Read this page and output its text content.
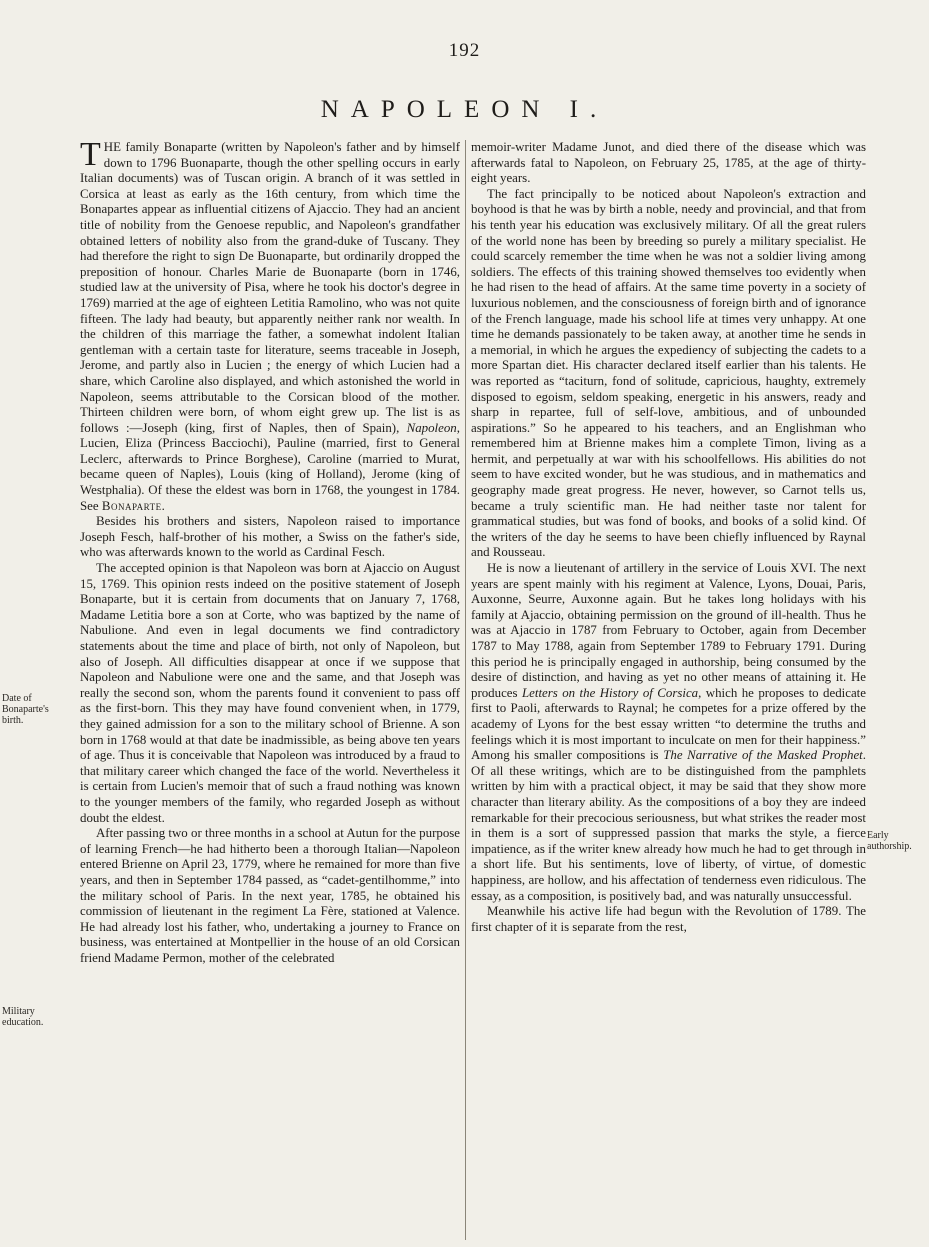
192
NAPOLEON I.

THE family Bonaparte (written by Napoleon's father and by himself down to 1796 Buonaparte, though the other spelling occurs in early Italian documents) was of Tuscan origin. A branch of it was settled in Corsica at least as early as the 16th century, from which time the Bonapartes appear as influential citizens of Ajaccio. They had an ancient title of nobility from the Genoese republic, and Napoleon's grandfather obtained letters of nobility also from the grand-duke of Tuscany. They had therefore the right to sign De Buonaparte, but ordinarily dropped the preposition of honour. Charles Marie de Buonaparte (born in 1746, studied law at the university of Pisa, where he took his doctor's degree in 1769) married at the age of eighteen Letitia Ramolino, who was not quite fifteen. The lady had beauty, but apparently neither rank nor wealth. In the children of this marriage the father, a somewhat indolent Italian gentleman with a certain taste for literature, seems traceable in Joseph, Jerome, and partly also in Lucien ; the energy of which Lucien had a share, which Caroline also displayed, and which astonished the world in Napoleon, seems attributable to the Corsican blood of the mother. Thirteen children were born, of whom eight grew up. The list is as follows :—Joseph (king, first of Naples, then of Spain), Napoleon, Lucien, Eliza (Princess Bacciochi), Pauline (married, first to General Leclerc, afterwards to Prince Borghese), Caroline (married to Murat, became queen of Naples), Louis (king of Holland), Jerome (king of Westphalia). Of these the eldest was born in 1768, the youngest in 1784. See Bonaparte.

Besides his brothers and sisters, Napoleon raised to importance Joseph Fesch, half-brother of his mother, a Swiss on the father's side, who was afterwards known to the world as Cardinal Fesch.

The accepted opinion is that Napoleon was born at Ajaccio on August 15, 1769. This opinion rests indeed on the positive statement of Joseph Bonaparte, but it is certain from documents that on January 7, 1768, Madame Letitia bore a son at Corte, who was baptized by the name of Nabulione. And even in legal documents we find contradictory statements about the time and place of birth, not only of Napoleon, but also of Joseph. All difficulties disappear at once if we suppose that Napoleon and Nabulione were one and the same, and that Joseph was really the second son, whom the parents found it convenient to pass off as the first-born. This they may have found convenient when, in 1779, they gained admission for a son to the military school of Brienne. A son born in 1768 would at that date be inadmissible, as being above ten years of age. Thus it is conceivable that Napoleon was introduced by a fraud to that military career which changed the face of the world. Nevertheless it is certain from Lucien's memoir that of such a fraud nothing was known to the younger members of the family, who regarded Joseph as without doubt the eldest.

After passing two or three months in a school at Autun for the purpose of learning French—he had hitherto been a thorough Italian—Napoleon entered Brienne on April 23, 1779, where he remained for more than five years, and then in September 1784 passed, as “cadet-gentilhomme,” into the military school of Paris. In the next year, 1785, he obtained his commission of lieutenant in the regiment La Fère, stationed at Valence. He had already lost his father, who, undertaking a journey to France on business, was entertained at Montpellier in the house of an old Corsican friend Madame Permon, mother of the celebrated

memoir-writer Madame Junot, and died there of the disease which was afterwards fatal to Napoleon, on February 25, 1785, at the age of thirty-eight years.

The fact principally to be noticed about Napoleon's extraction and boyhood is that he was by birth a noble, needy and provincial, and that from his tenth year his education was exclusively military. Of all the great rulers of the world none has been by breeding so purely a military specialist. He could scarcely remember the time when he was not a soldier living among soldiers. The effects of this training showed themselves too evidently when he had risen to the head of affairs. At the same time poverty in a society of luxurious noblemen, and the consciousness of foreign birth and of ignorance of the French language, made his school life at times very unhappy. At one time he demands passionately to be taken away, at another time he sends in a memorial, in which he argues the expediency of subjecting the cadets to a more Spartan diet. His character declared itself earlier than his talents. He was reported as “taciturn, fond of solitude, capricious, haughty, extremely disposed to egoism, seldom speaking, energetic in his answers, ready and sharp in repartee, full of self-love, ambitious, and of unbounded aspirations.” So he appeared to his teachers, and an Englishman who remembered him at Brienne makes him a complete Timon, living as a hermit, and perpetually at war with his schoolfellows. His abilities do not seem to have excited wonder, but he was studious, and in mathematics and geography made great progress. He never, however, so Carnot tells us, became a truly scientific man. He had neither taste nor talent for grammatical studies, but was fond of books, and books of a solid kind. Of the writers of the day he seems to have been chiefly influenced by Raynal and Rousseau.

He is now a lieutenant of artillery in the service of Louis XVI. The next years are spent mainly with his regiment at Valence, Lyons, Douai, Paris, Auxonne, Seurre, Auxonne again. But he takes long holidays with his family at Ajaccio, obtaining permission on the ground of ill-health. Thus he was at Ajaccio in 1787 from February to October, again from December 1787 to May 1788, again from September 1789 to February 1791. During this period he is principally engaged in authorship, being consumed by the desire of distinction, and having as yet no other means of attaining it. He produces Letters on the History of Corsica, which he proposes to dedicate first to Paoli, afterwards to Raynal; he competes for a prize offered by the academy of Lyons for the best essay written “to determine the truths and feelings which it is most important to inculcate on men for their happiness.” Among his smaller compositions is The Narrative of the Masked Prophet. Of all these writings, which are to be distinguished from the pamphlets written by him with a practical object, it may be said that they show more character than literary ability. As the compositions of a boy they are indeed remarkable for their precocious seriousness, but what strikes the reader most in them is a sort of suppressed passion that marks the style, a fierce impatience, as if the writer knew already how much he had to get through in a short life. But his sentiments, love of liberty, of virtue, of domestic happiness, are hollow, and his affectation of tenderness even ridiculous. The essay, as a composition, is positively bad, and was naturally unsuccessful.

Meanwhile his active life had begun with the Revolution of 1789. The first chapter of it is separate from the rest,

Date of Bonaparte's birth.
Military education.
Early authorship.
